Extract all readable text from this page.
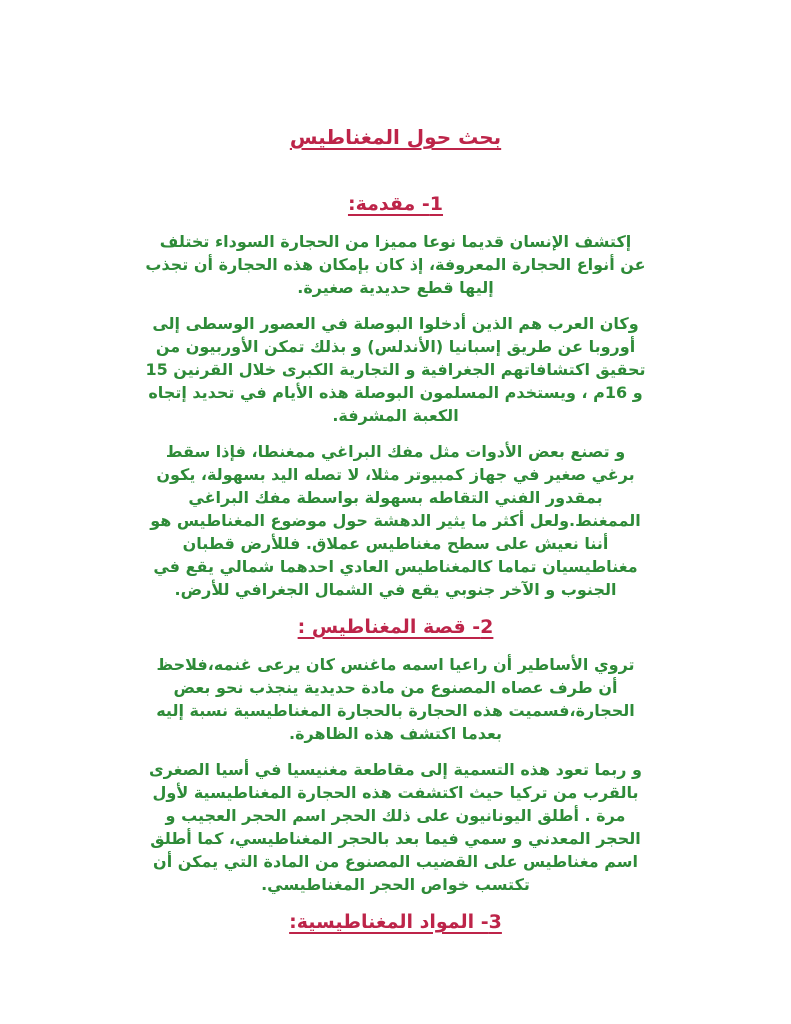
بحث حول المغناطيس
1- مقدمة:

إكتشف الإنسان قديما نوعا مميزا من الحجارة السوداء تختلف عن أنواع الحجارة المعروفة، إذ كان بإمكان هذه الحجارة أن تجذب إليها قطع حديدية صغيرة.

وكان العرب هم الذين أدخلوا البوصلة في العصور الوسطى إلى أوروبا عن طريق إسبانيا (الأندلس) و بذلك تمكن الأوربيون من تحقيق اكتشافاتهم الجغرافية و التجارية الكبرى خلال القرنين 15 و 16م ، ويستخدم المسلمون البوصلة هذه الأيام في تحديد إتجاه الكعبة المشرفة.

و تصنع بعض الأدوات مثل مفك البراغي ممغنطا، فإذا سقط برغي صغير في جهاز كمبيوتر مثلا، لا تصله اليد بسهولة، يكون بمقدور الفني التقاطه بسهولة بواسطة مفك البراغي الممغنط.ولعل أكثر ما يثير الدهشة حول موضوع المغناطيس هو أننا نعيش على سطح مغناطيس عملاق. فللأرض قطبان مغناطيسيان تماما كالمغناطيس العادي احدهما شمالي يقع في الجنوب و الآخر جنوبي يقع في الشمال الجغرافي للأرض.

2- قصة المغناطيس :

تروي الأساطير أن راعيا اسمه ماغنس كان يرعى غنمه،فلاحظ أن طرف عصاه المصنوع من مادة حديدية ينجذب نحو بعض الحجارة،فسميت هذه الحجارة بالحجارة المغناطيسية نسبة إليه بعدما اكتشف هذه الظاهرة.

و ربما تعود هذه التسمية إلى مقاطعة مغنيسيا في أسيا الصغرى بالقرب من تركيا حيث اكتشفت هذه الحجارة المغناطيسية لأول مرة . أطلق اليونانيون على ذلك الحجر اسم الحجر العجيب و الحجر المعدني و سمي فيما بعد بالحجر المغناطيسي، كما أطلق اسم مغناطيس على القضيب المصنوع من المادة التي يمكن أن تكتسب خواص الحجر المغناطيسي.

3- المواد المغناطيسية:
